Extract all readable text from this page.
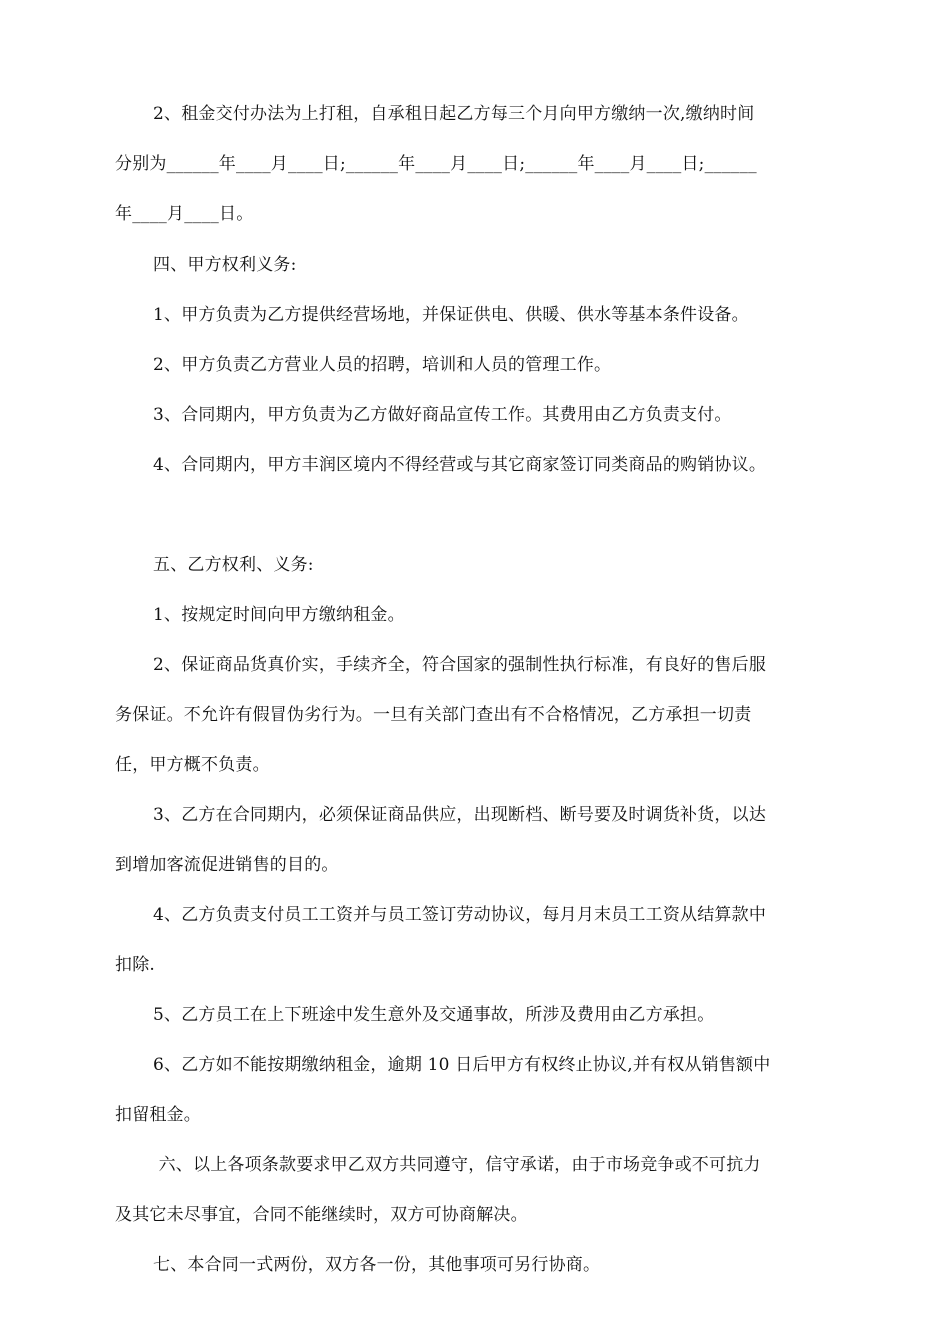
2、租金交付办法为上打租，自承租日起乙方每三个月向甲方缴纳一次,缴纳时间
分别为______年____月____日;______年____月____日;______年____月____日;______
年____月____日。
四、甲方权利义务:
1、甲方负责为乙方提供经营场地，并保证供电、供暖、供水等基本条件设备。
2、甲方负责乙方营业人员的招聘，培训和人员的管理工作。
3、合同期内，甲方负责为乙方做好商品宣传工作。其费用由乙方负责支付。
4、合同期内，甲方丰润区境内不得经营或与其它商家签订同类商品的购销协议。
五、乙方权利、义务:
1、按规定时间向甲方缴纳租金。
2、保证商品货真价实，手续齐全，符合国家的强制性执行标准，有良好的售后服
务保证。不允许有假冒伪劣行为。一旦有关部门查出有不合格情况，乙方承担一切责
任，甲方概不负责。
3、乙方在合同期内，必须保证商品供应，出现断档、断号要及时调货补货，以达
到增加客流促进销售的目的。
4、乙方负责支付员工工资并与员工签订劳动协议，每月月末员工工资从结算款中
扣除.
5、乙方员工在上下班途中发生意外及交通事故，所涉及费用由乙方承担。
6、乙方如不能按期缴纳租金，逾期 10 日后甲方有权终止协议,并有权从销售额中
扣留租金。
六、以上各项条款要求甲乙双方共同遵守，信守承诺，由于市场竞争或不可抗力
及其它未尽事宜，合同不能继续时，双方可协商解决。
七、本合同一式两份，双方各一份，其他事项可另行协商。
